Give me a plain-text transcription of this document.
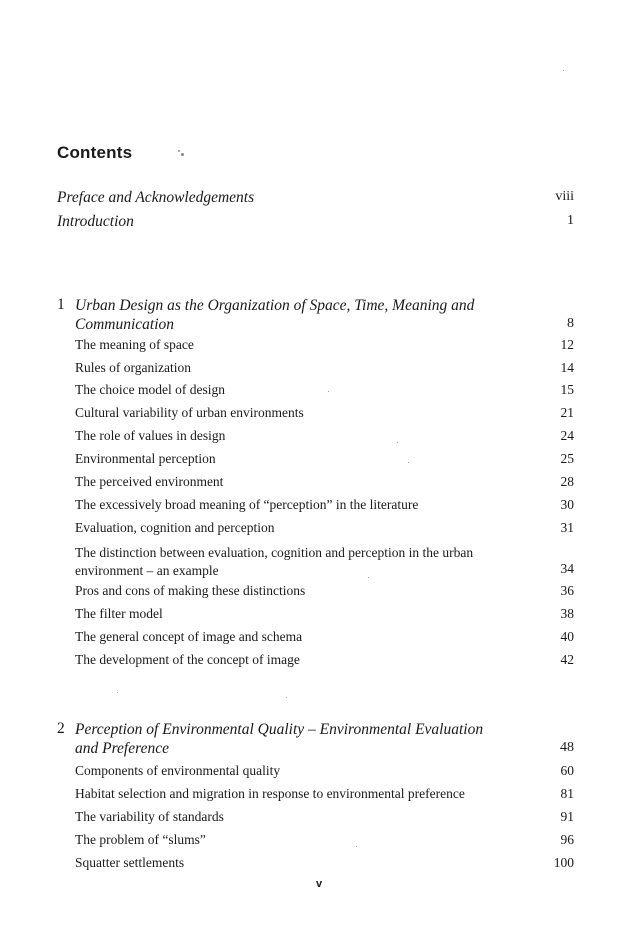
Contents
Preface and Acknowledgements	viii
Introduction	1
1 Urban Design as the Organization of Space, Time, Meaning and
Communication	8
The meaning of space	12
Rules of organization	14
The choice model of design	15
Cultural variability of urban environments	21
The role of values in design	24
Environmental perception	25
The perceived environment	28
The excessively broad meaning of “perception” in the literature	30
Evaluation, cognition and perception	31
The distinction between evaluation, cognition and perception in the urban
environment – an example	34
Pros and cons of making these distinctions	36
The filter model	38
The general concept of image and schema	40
The development of the concept of image	42
2 Perception of Environmental Quality – Environmental Evaluation
and Preference	48
Components of environmental quality	60
Habitat selection and migration in response to environmental preference	81
The variability of standards	91
The problem of “slums”	96
Squatter settlements	100
v
